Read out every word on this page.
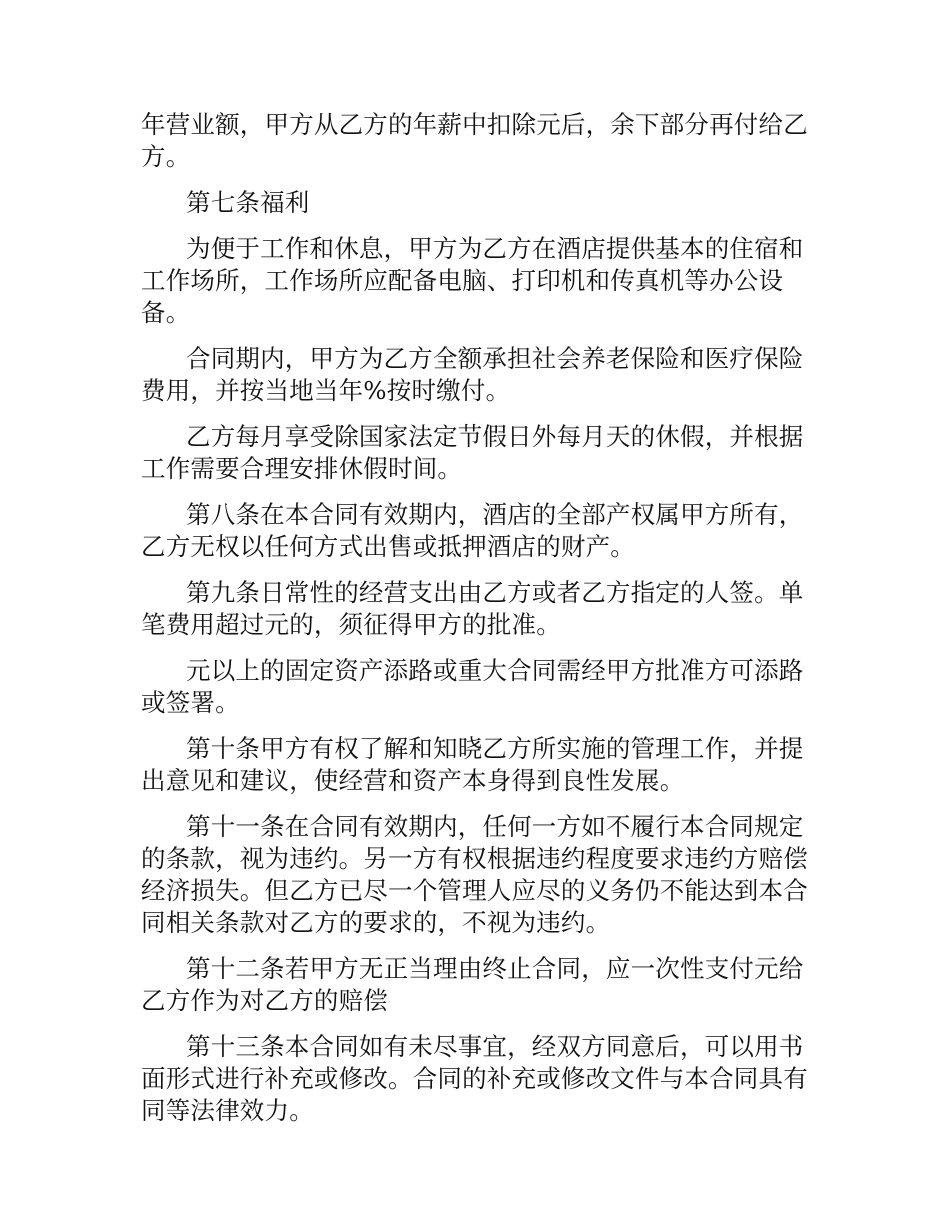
年营业额，甲方从乙方的年薪中扣除元后，余下部分再付给乙方。

第七条福利

为便于工作和休息，甲方为乙方在酒店提供基本的住宿和工作场所，工作场所应配备电脑、打印机和传真机等办公设备。

合同期内，甲方为乙方全额承担社会养老保险和医疗保险费用，并按当地当年%按时缴付。

乙方每月享受除国家法定节假日外每月天的休假，并根据工作需要合理安排休假时间。

第八条在本合同有效期内，酒店的全部产权属甲方所有，乙方无权以任何方式出售或抵押酒店的财产。

第九条日常性的经营支出由乙方或者乙方指定的人签。单笔费用超过元的，须征得甲方的批准。

元以上的固定资产添路或重大合同需经甲方批准方可添路或签署。

第十条甲方有权了解和知晓乙方所实施的管理工作，并提出意见和建议，使经营和资产本身得到良性发展。

第十一条在合同有效期内，任何一方如不履行本合同规定的条款，视为违约。另一方有权根据违约程度要求违约方赔偿经济损失。但乙方已尽一个管理人应尽的义务仍不能达到本合同相关条款对乙方的要求的，不视为违约。

第十二条若甲方无正当理由终止合同，应一次性支付元给乙方作为对乙方的赔偿

第十三条本合同如有未尽事宜，经双方同意后，可以用书面形式进行补充或修改。合同的补充或修改文件与本合同具有同等法律效力。
